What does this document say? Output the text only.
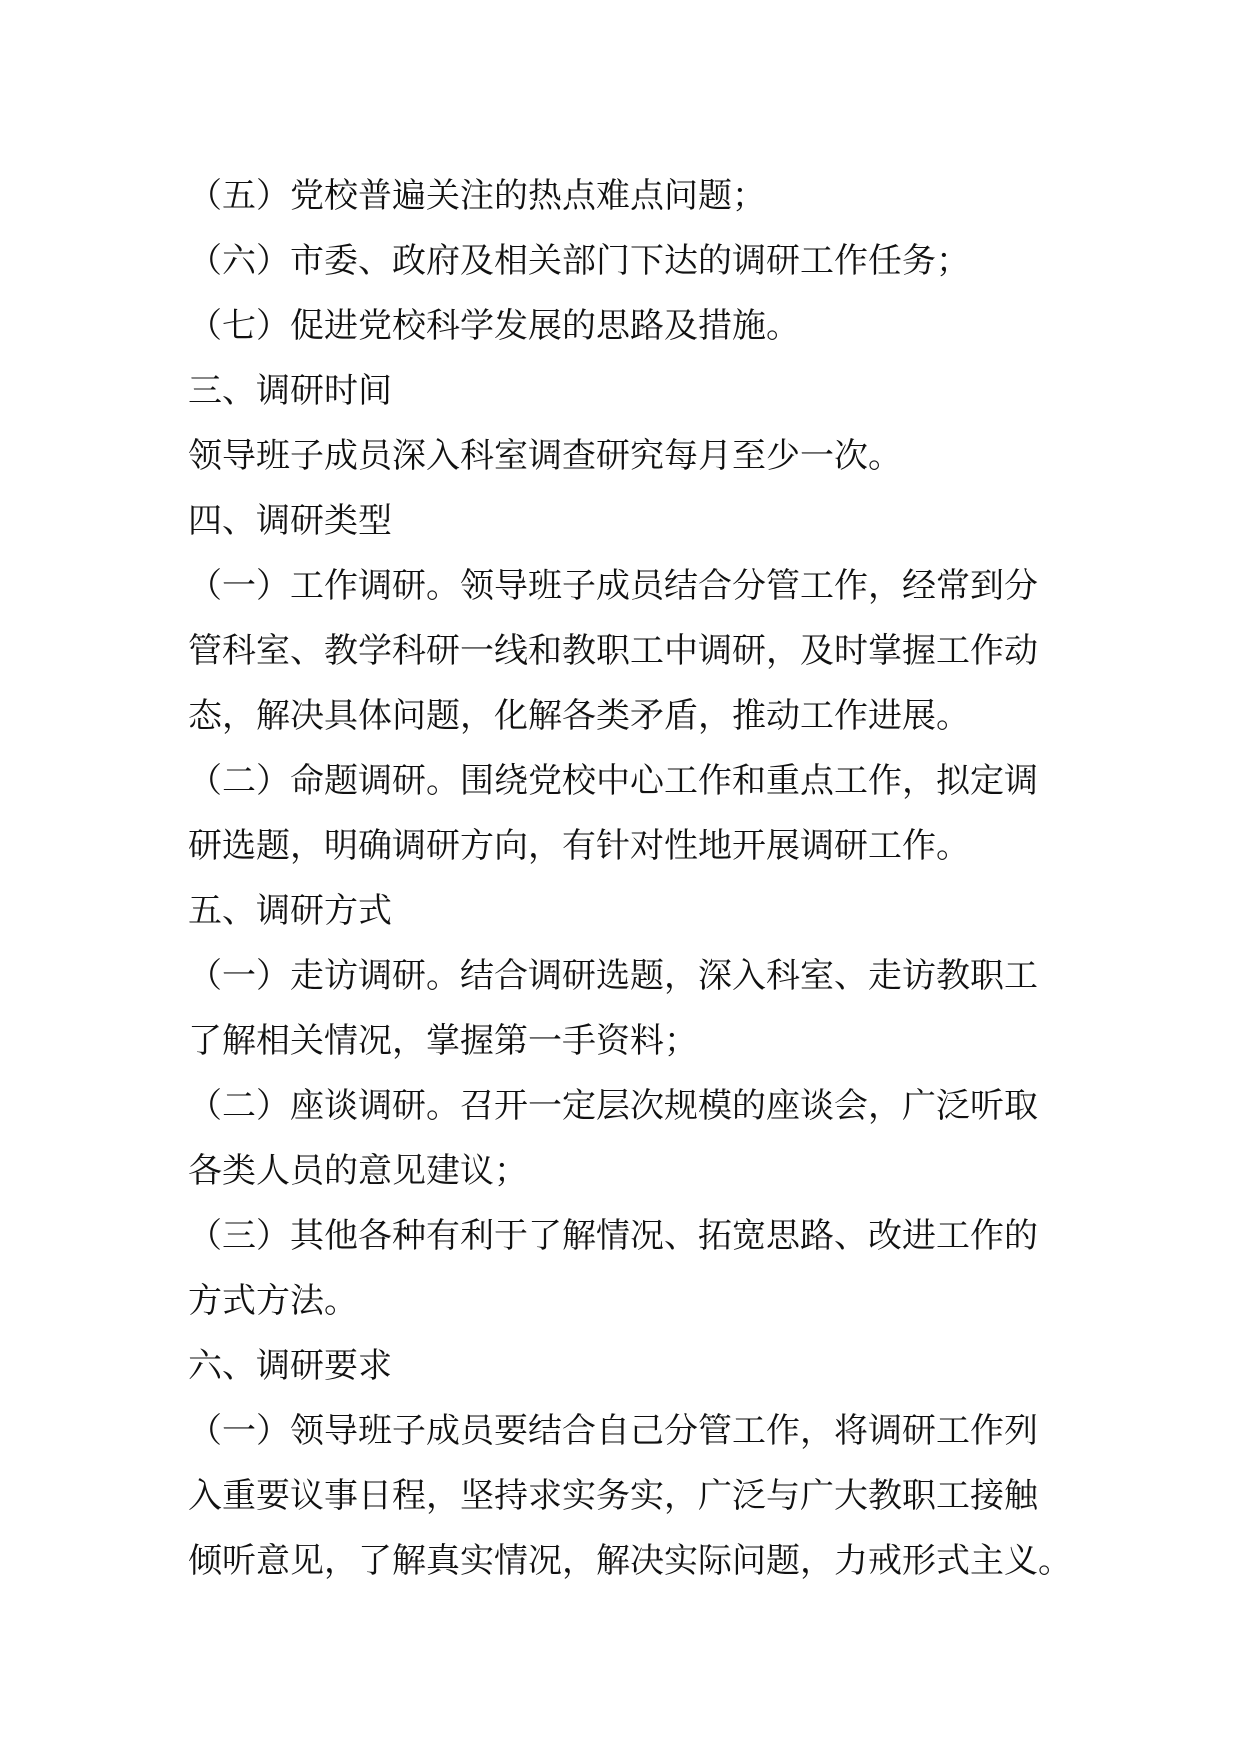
（五）党校普遍关注的热点难点问题；
（六）市委、政府及相关部门下达的调研工作任务；
（七）促进党校科学发展的思路及措施。
三、调研时间
领导班子成员深入科室调查研究每月至少一次。
四、调研类型
（一）工作调研。领导班子成员结合分管工作，经常到分
管科室、教学科研一线和教职工中调研，及时掌握工作动
态，解决具体问题，化解各类矛盾，推动工作进展。
（二）命题调研。围绕党校中心工作和重点工作，拟定调
研选题，明确调研方向，有针对性地开展调研工作。
五、调研方式
（一）走访调研。结合调研选题，深入科室、走访教职工
了解相关情况，掌握第一手资料；
（二）座谈调研。召开一定层次规模的座谈会，广泛听取
各类人员的意见建议；
（三）其他各种有利于了解情况、拓宽思路、改进工作的
方式方法。
六、调研要求
（一）领导班子成员要结合自己分管工作，将调研工作列
入重要议事日程，坚持求实务实，广泛与广大教职工接触
倾听意见，了解真实情况，解决实际问题，力戒形式主义。
